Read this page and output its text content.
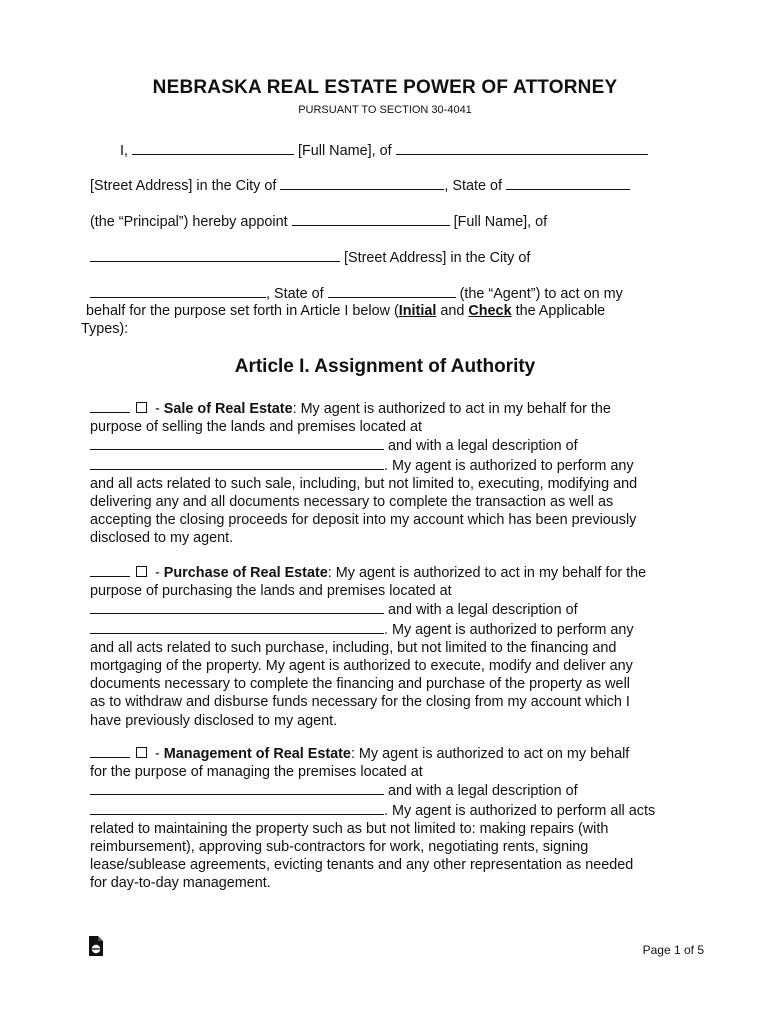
NEBRASKA REAL ESTATE POWER OF ATTORNEY
PURSUANT TO SECTION 30-4041
I,	[Full Name], of
[Street Address] in the City of	, State of
(the “Principal”) hereby appoint	[Full Name], of
[Street Address] in the City of
, State of	(the “Agent”) to act on my
behalf for the purpose set forth in Article I below (Initial and Check the Applicable
Types):
Article I. Assignment of Authority
- Sale of Real Estate: My agent is authorized to act in my behalf for the
purpose of selling the lands and premises located at
and with a legal description of
. My agent is authorized to perform any
and all acts related to such sale, including, but not limited to, executing, modifying and
delivering any and all documents necessary to complete the transaction as well as
accepting the closing proceeds for deposit into my account which has been previously
disclosed to my agent.
- Purchase of Real Estate: My agent is authorized to act in my behalf for the
purpose of purchasing the lands and premises located at
and with a legal description of
. My agent is authorized to perform any
and all acts related to such purchase, including, but not limited to the financing and
mortgaging of the property. My agent is authorized to execute, modify and deliver any
documents necessary to complete the financing and purchase of the property as well
as to withdraw and disburse funds necessary for the closing from my account which I
have previously disclosed to my agent.
- Management of Real Estate: My agent is authorized to act on my behalf
for the purpose of managing the premises located at
and with a legal description of
. My agent is authorized to perform all acts
related to maintaining the property such as but not limited to: making repairs (with
reimbursement), approving sub-contractors for work, negotiating rents, signing
lease/sublease agreements, evicting tenants and any other representation as needed
for day-to-day management.
Page 1 of 5
